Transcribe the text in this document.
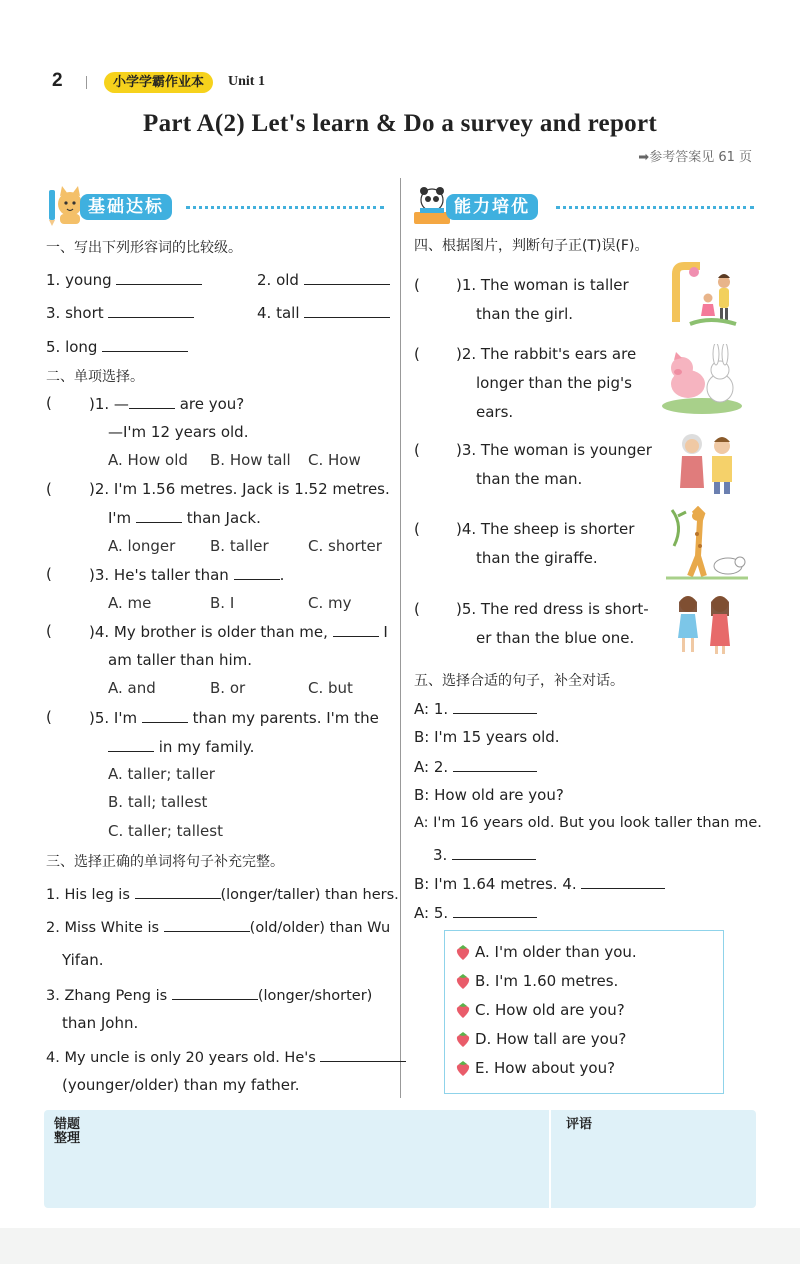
2	小学学霸作业本	Unit 1
Part A(2) Let's learn & Do a survey and report
➡参考答案见 61 页
基础达标
一、写出下列形容词的比较级。
1. young	2. old
3. short	4. tall
5. long
二、单项选择。
( )1. —	are you?
—I'm 12 years old.
A. How old B. How tall C. How
( )2. I'm 1.56 metres. Jack is 1.52 metres.
I'm	than Jack.
A. longer B. taller	C. shorter
( )3. He's taller than	.
A. me	B. I	C. my
( )4. My brother is older than me,	I
am taller than him.
A. and	B. or	C. but
( )5. I'm	than my parents. I'm the
in my family.
A. taller; taller
B. tall; tallest
C. taller; tallest
三、选择正确的单词将句子补充完整。
1. His leg is	(longer/taller) than hers.
2. Miss White is	(old/older) than Wu
Yifan.
3. Zhang Peng is	(longer/shorter)
than John.
4. My uncle is only 20 years old. He's
(younger/older) than my father.
能力培优
四、根据图片，判断句子正(T)误(F)。
( )1. The woman is taller
than the girl.
( )2. The rabbit's ears are
longer than the pig's
ears.
( )3. The woman is younger
than the man.
( )4. The sheep is shorter
than the giraffe.
( )5. The red dress is short-
er than the blue one.
五、选择合适的句子，补全对话。
A: 1.
B: I'm 15 years old.
A: 2.
B: How old are you?
A: I'm 16 years old. But you look taller than me.
3.
B: I'm 1.64 metres. 4.
A: 5.
A. I'm older than you.
B. I'm 1.60 metres.
C. How old are you?
D. How tall are you?
E. How about you?
错题
整理
评语
